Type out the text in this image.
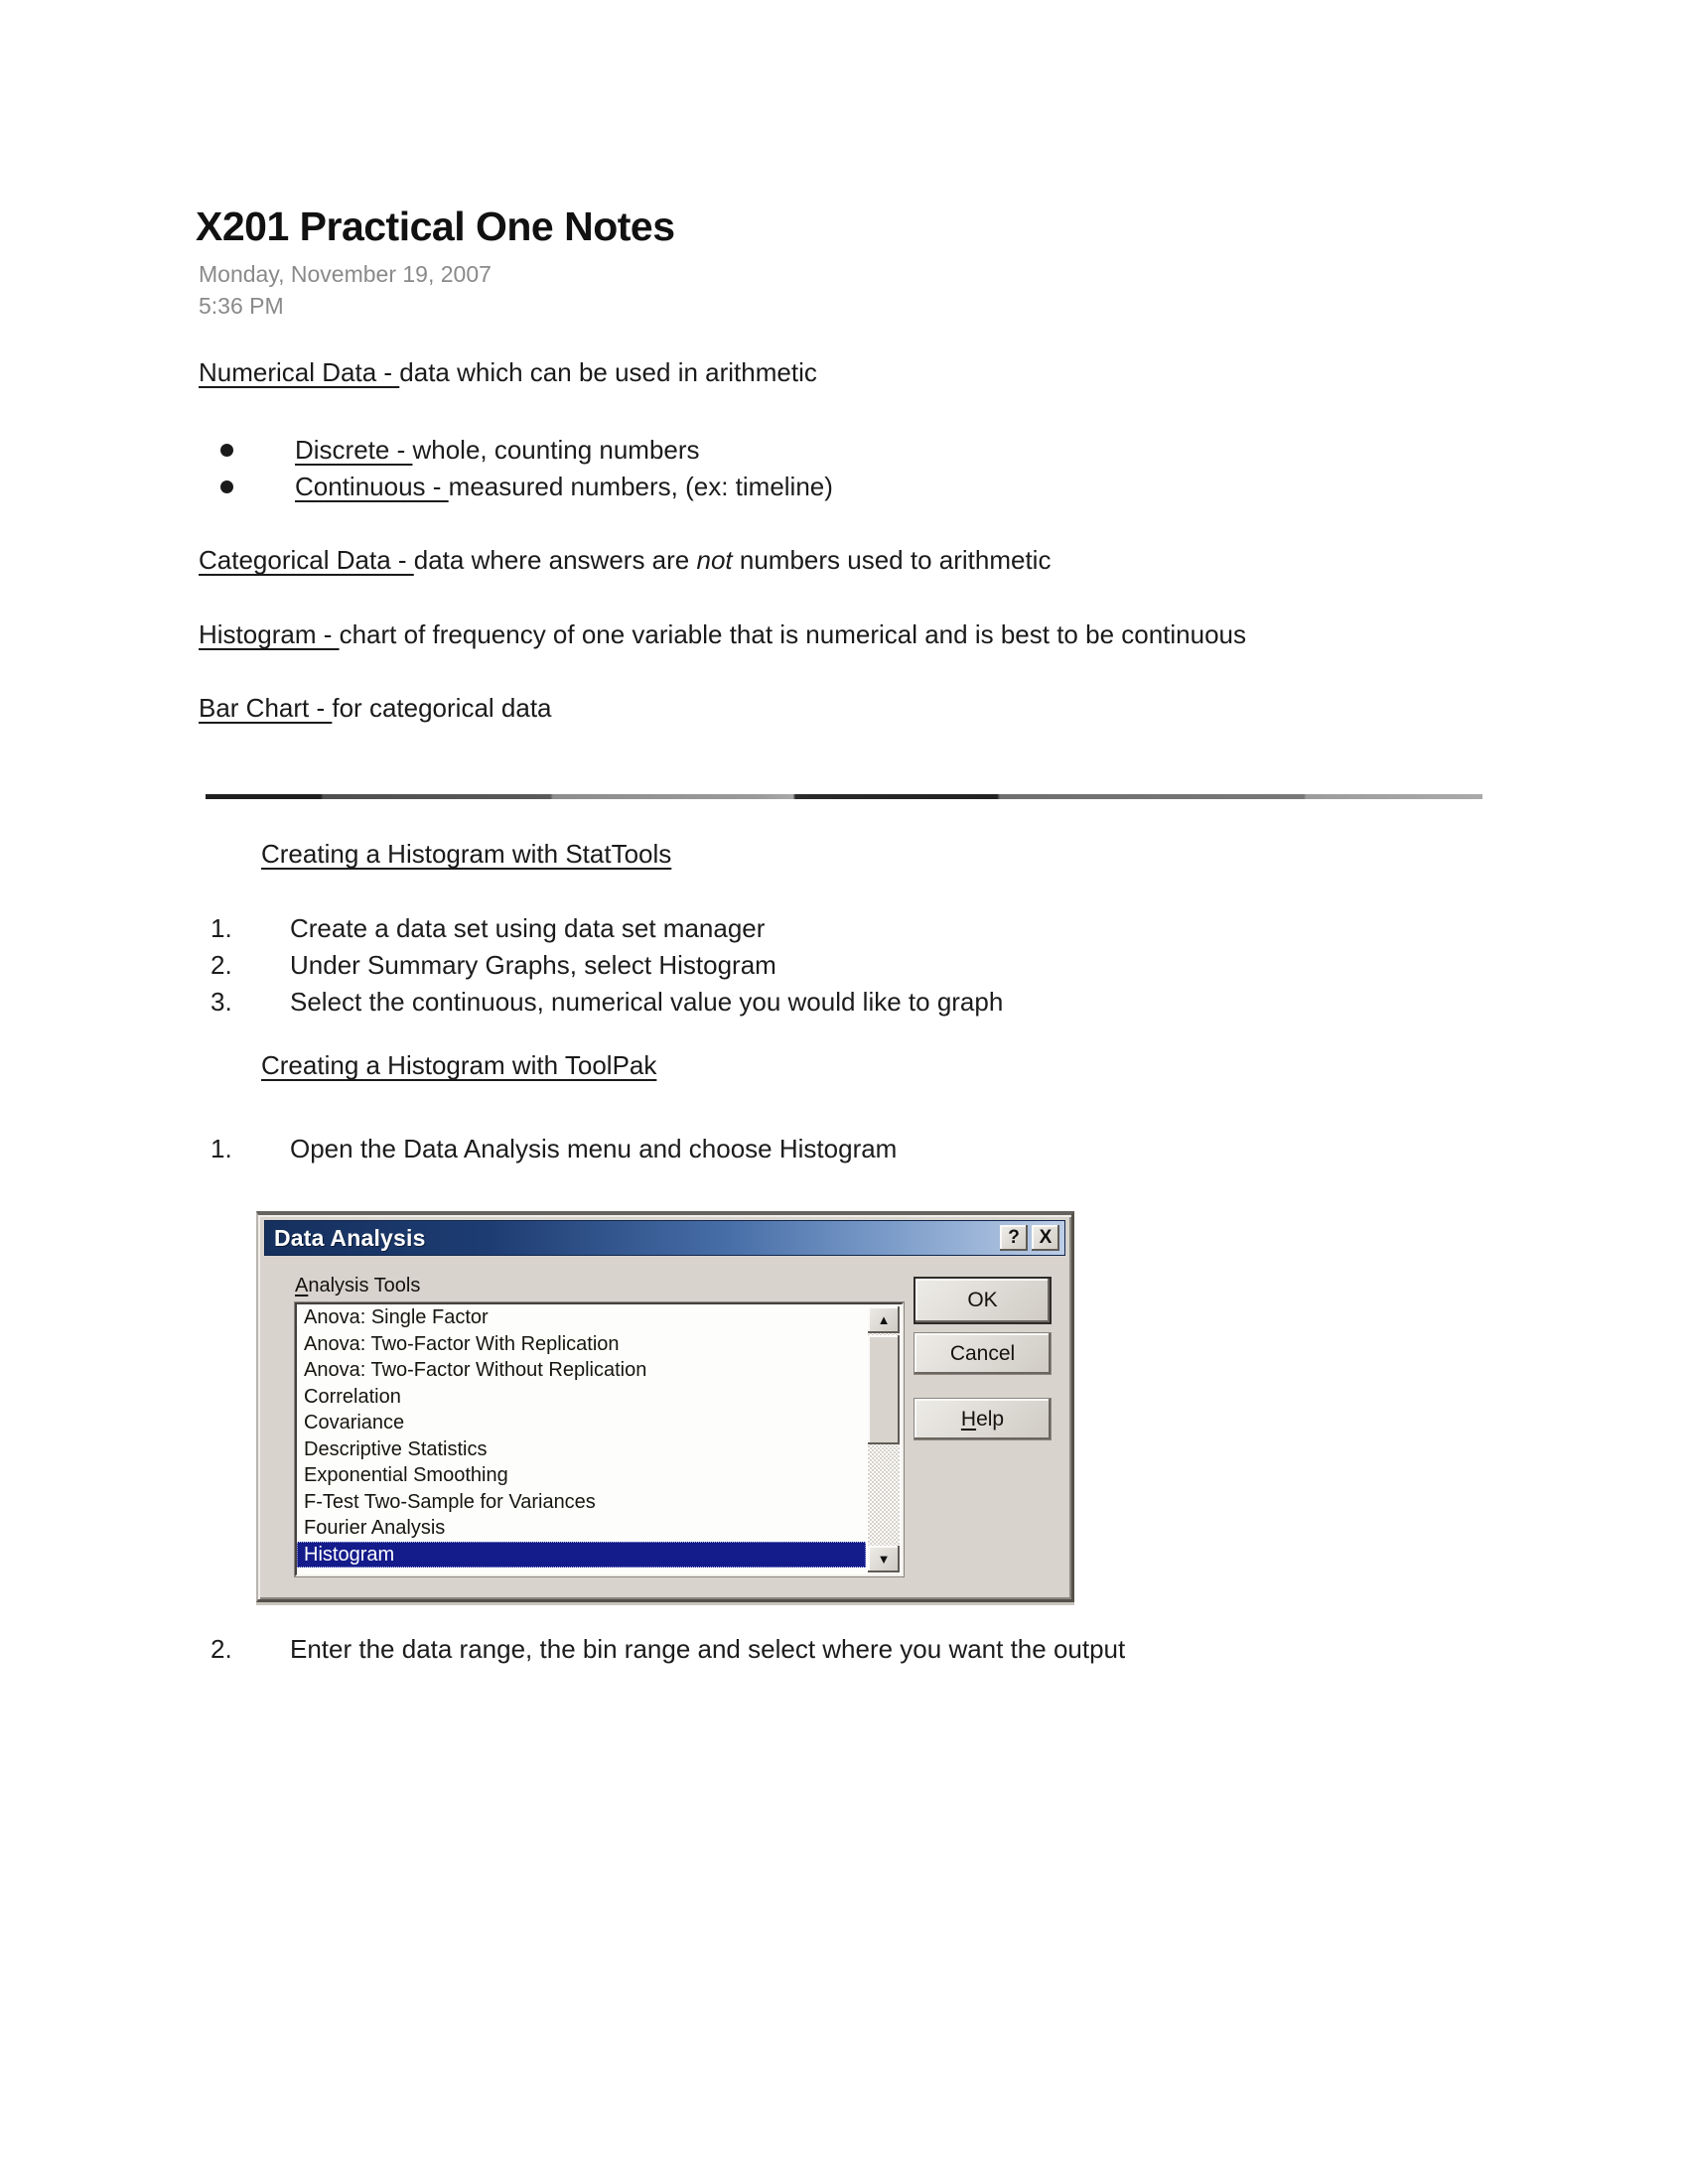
X201 Practical One Notes
Monday, November 19, 2007
5:36 PM
Numerical Data - data which can be used in arithmetic
Discrete - whole, counting numbers
Continuous - measured numbers, (ex: timeline)
Categorical Data - data where answers are not numbers used to arithmetic
Histogram - chart of frequency of one variable that is numerical and is best to be continuous
Bar Chart - for categorical data
Creating a Histogram with StatTools
1. Create a data set using data set manager
2. Under Summary Graphs, select Histogram
3. Select the continuous, numerical value you would like to graph
Creating a Histogram with ToolPak
1. Open the Data Analysis menu and choose Histogram
Data Analysis	?	X
Analysis Tools
Anova: Single Factor
Anova: Two-Factor With Replication
Anova: Two-Factor Without Replication
Correlation
Covariance
Descriptive Statistics
Exponential Smoothing
F-Test Two-Sample for Variances
Fourier Analysis
Histogram
▲
▼
OK
Cancel
Help
2. Enter the data range, the bin range and select where you want the output
